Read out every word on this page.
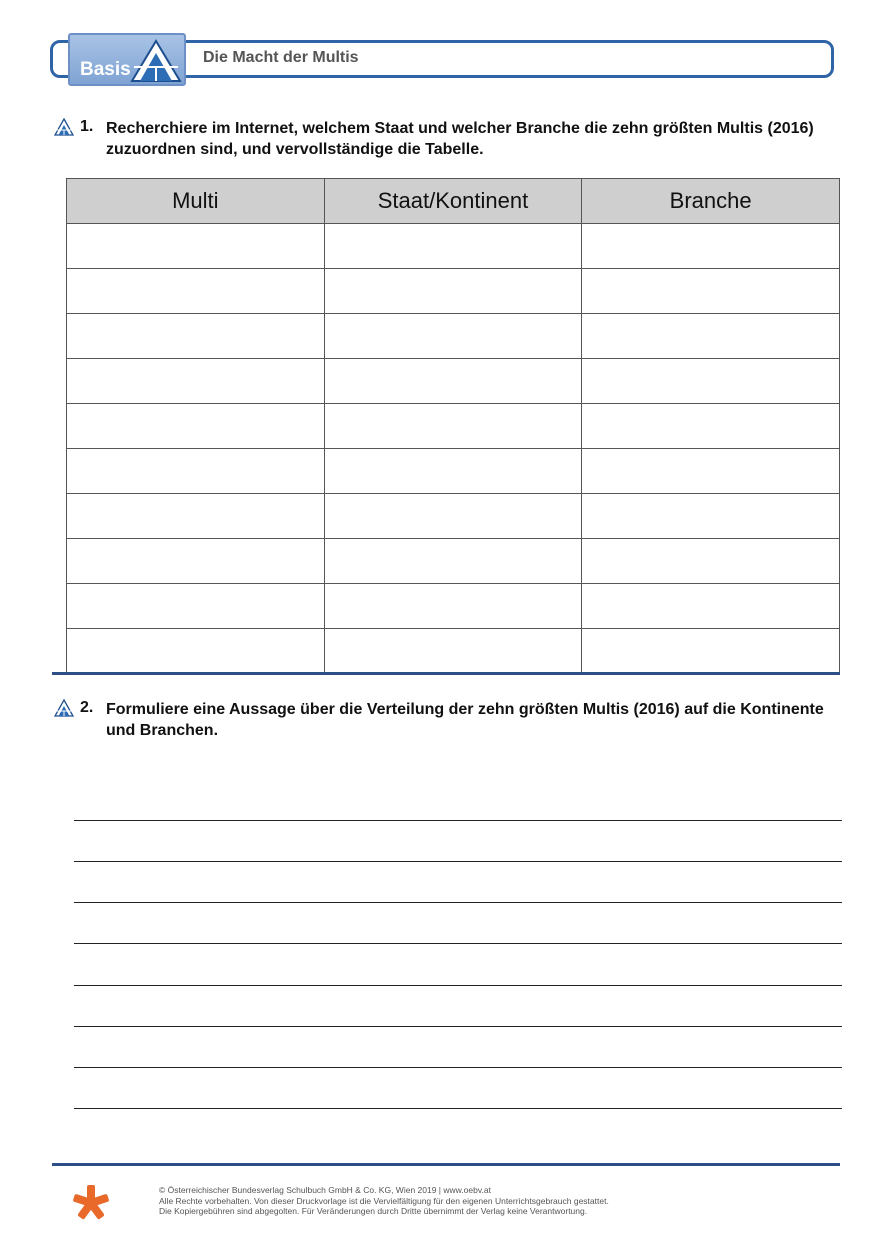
Basis
Die Macht der Multis
1. Recherchiere im Internet, welchem Staat und welcher Branche die zehn größten Multis (2016) zuzuordnen sind, und vervollständige die Tabelle.
Multi	Staat/Kontinent	Branche

2. Formuliere eine Aussage über die Verteilung der zehn größten Multis (2016) auf die Kontinente und Branchen.
© Österreichischer Bundesverlag Schulbuch GmbH & Co. KG, Wien 2019 | www.oebv.at
Alle Rechte vorbehalten. Von dieser Druckvorlage ist die Vervielfältigung für den eigenen Unterrichtsgebrauch gestattet.
Die Kopiergebühren sind abgegolten. Für Veränderungen durch Dritte übernimmt der Verlag keine Verantwortung.
